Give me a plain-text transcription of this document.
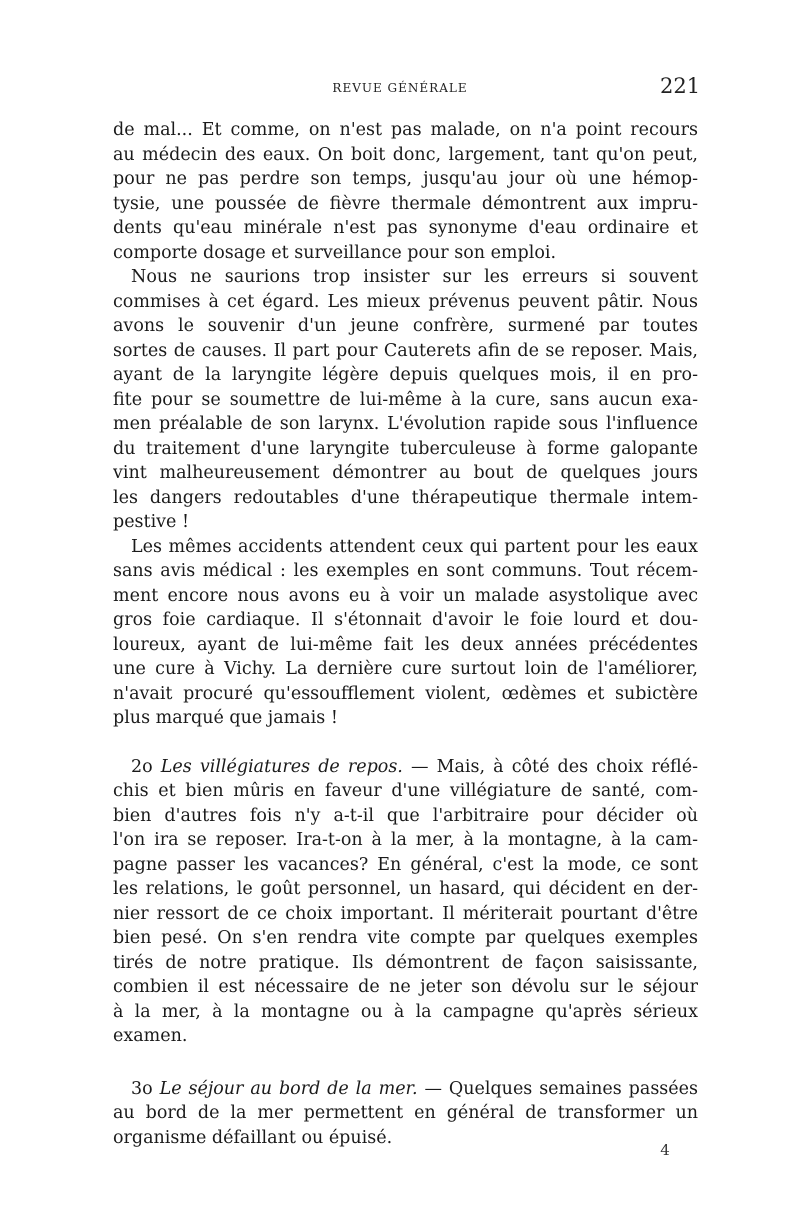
REVUE GÉNÉRALE	221
de mal... Et comme, on n'est pas malade, on n'a point recours
au médecin des eaux. On boit donc, largement, tant qu'on peut,
pour ne pas perdre son temps, jusqu'au jour où une hémop-
tysie, une poussée de fièvre thermale démontrent aux impru-
dents qu'eau minérale n'est pas synonyme d'eau ordinaire et
comporte dosage et surveillance pour son emploi.
Nous ne saurions trop insister sur les erreurs si souvent
commises à cet égard. Les mieux prévenus peuvent pâtir. Nous
avons le souvenir d'un jeune confrère, surmené par toutes
sortes de causes. Il part pour Cauterets afin de se reposer. Mais,
ayant de la laryngite légère depuis quelques mois, il en pro-
fite pour se soumettre de lui-même à la cure, sans aucun exa-
men préalable de son larynx. L'évolution rapide sous l'influence
du traitement d'une laryngite tuberculeuse à forme galopante
vint malheureusement démontrer au bout de quelques jours
les dangers redoutables d'une thérapeutique thermale intem-
pestive !
Les mêmes accidents attendent ceux qui partent pour les eaux
sans avis médical : les exemples en sont communs. Tout récem-
ment encore nous avons eu à voir un malade asystolique avec
gros foie cardiaque. Il s'étonnait d'avoir le foie lourd et dou-
loureux, ayant de lui-même fait les deux années précédentes
une cure à Vichy. La dernière cure surtout loin de l'améliorer,
n'avait procuré qu'essoufflement violent, œdèmes et subictère
plus marqué que jamais !
2o Les villégiatures de repos. — Mais, à côté des choix réflé-
chis et bien mûris en faveur d'une villégiature de santé, com-
bien d'autres fois n'y a-t-il que l'arbitraire pour décider où
l'on ira se reposer. Ira-t-on à la mer, à la montagne, à la cam-
pagne passer les vacances? En général, c'est la mode, ce sont
les relations, le goût personnel, un hasard, qui décident en der-
nier ressort de ce choix important. Il mériterait pourtant d'être
bien pesé. On s'en rendra vite compte par quelques exemples
tirés de notre pratique. Ils démontrent de façon saisissante,
combien il est nécessaire de ne jeter son dévolu sur le séjour
à la mer, à la montagne ou à la campagne qu'après sérieux
examen.
3o Le séjour au bord de la mer. — Quelques semaines passées
au bord de la mer permettent en général de transformer un
organisme défaillant ou épuisé.
4
